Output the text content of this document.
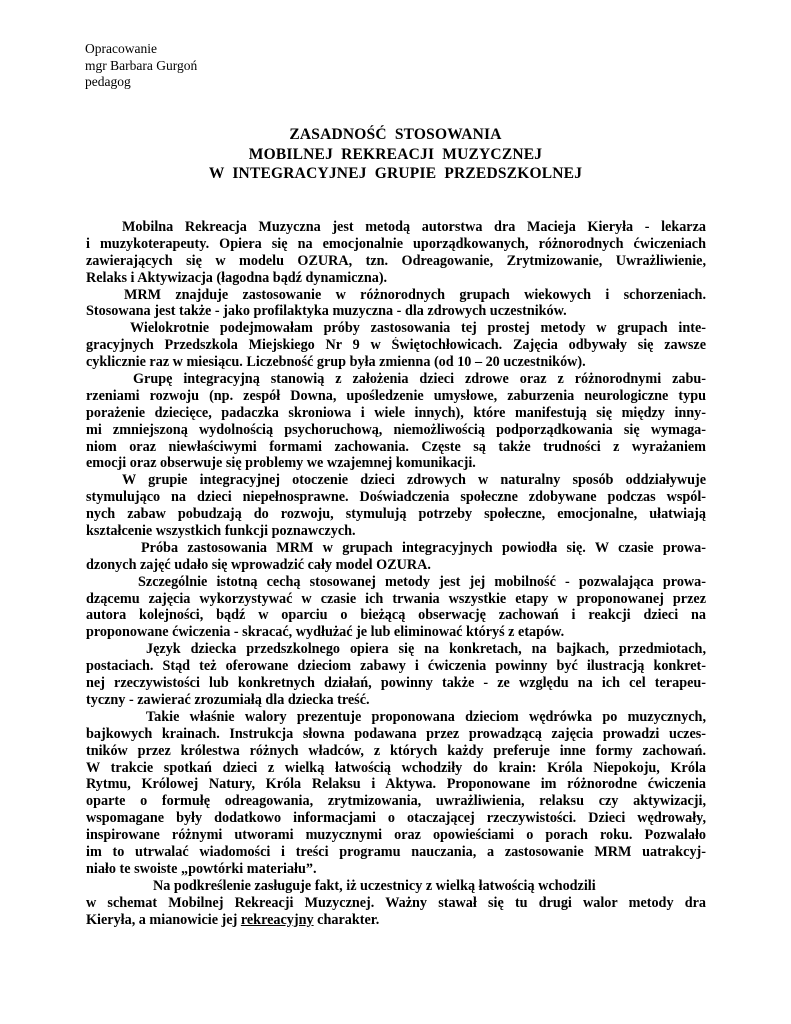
Opracowanie
mgr Barbara Gurgoń
pedagog
ZASADNOŚĆ STOSOWANIA
MOBILNEJ REKREACJI MUZYCZNEJ
W INTEGRACYJNEJ GRUPIE PRZEDSZKOLNEJ
Mobilna Rekreacja Muzyczna jest metodą autorstwa dra Macieja Kieryła - lekarza
i muzykoterapeuty. Opiera się na emocjonalnie uporządkowanych, różnorodnych ćwiczeniach
zawierających się w modelu OZURA, tzn. Odreagowanie, Zrytmizowanie, Uwrażliwienie,
Relaks i Aktywizacja (łagodna bądź dynamiczna).
MRM znajduje zastosowanie w różnorodnych grupach wiekowych i schorzeniach.
Stosowana jest także - jako profilaktyka muzyczna - dla zdrowych uczestników.
Wielokrotnie podejmowałam próby zastosowania tej prostej metody w grupach inte-
gracyjnych Przedszkola Miejskiego Nr 9 w Świętochłowicach. Zajęcia odbywały się zawsze
cyklicznie raz w miesiącu. Liczebność grup była zmienna (od 10 – 20 uczestników).
Grupę integracyjną stanowią z założenia dzieci zdrowe oraz z różnorodnymi zabu-
rzeniami rozwoju (np. zespół Downa, upośledzenie umysłowe, zaburzenia neurologiczne typu
porażenie dziecięce, padaczka skroniowa i wiele innych), które manifestują się między inny-
mi zmniejszoną wydolnością psychoruchową, niemożliwością podporządkowania się wymaga-
niom oraz niewłaściwymi formami zachowania. Częste są także trudności z wyrażaniem
emocji oraz obserwuje się problemy we wzajemnej komunikacji.
W grupie integracyjnej otoczenie dzieci zdrowych w naturalny sposób oddziaływuje
stymulująco na dzieci niepełnosprawne. Doświadczenia społeczne zdobywane podczas wspól-
nych zabaw pobudzają do rozwoju, stymulują potrzeby społeczne, emocjonalne, ułatwiają
kształcenie wszystkich funkcji poznawczych.
Próba zastosowania MRM w grupach integracyjnych powiodła się. W czasie prowa-
dzonych zajęć udało się wprowadzić cały model OZURA.
Szczególnie istotną cechą stosowanej metody jest jej mobilność - pozwalająca prowa-
dzącemu zajęcia wykorzystywać w czasie ich trwania wszystkie etapy w proponowanej przez
autora kolejności, bądź w oparciu o bieżącą obserwację zachowań i reakcji dzieci na
proponowane ćwiczenia - skracać, wydłużać je lub eliminować któryś z etapów.
Język dziecka przedszkolnego opiera się na konkretach, na bajkach, przedmiotach,
postaciach. Stąd też oferowane dzieciom zabawy i ćwiczenia powinny być ilustracją konkret-
nej rzeczywistości lub konkretnych działań, powinny także - ze względu na ich cel terapeu-
tyczny - zawierać zrozumiałą dla dziecka treść.
Takie właśnie walory prezentuje proponowana dzieciom wędrówka po muzycznych,
bajkowych krainach. Instrukcja słowna podawana przez prowadzącą zajęcia prowadzi uczes-
tników przez królestwa różnych władców, z których każdy preferuje inne formy zachowań.
W trakcie spotkań dzieci z wielką łatwością wchodziły do krain: Króla Niepokoju, Króla
Rytmu, Królowej Natury, Króla Relaksu i Aktywa. Proponowane im różnorodne ćwiczenia
oparte o formułę odreagowania, zrytmizowania, uwrażliwienia, relaksu czy aktywizacji,
wspomagane były dodatkowo informacjami o otaczającej rzeczywistości. Dzieci wędrowały,
inspirowane różnymi utworami muzycznymi oraz opowieściami o porach roku. Pozwalało
im to utrwalać wiadomości i treści programu nauczania, a zastosowanie MRM uatrakcyj-
niało te swoiste „powtórki materiału”.
Na podkreślenie zasługuje fakt, iż uczestnicy z wielką łatwością wchodzili
w schemat Mobilnej Rekreacji Muzycznej. Ważny stawał się tu drugi walor metody dra
Kieryła, a mianowicie jej rekreacyjny charakter.
